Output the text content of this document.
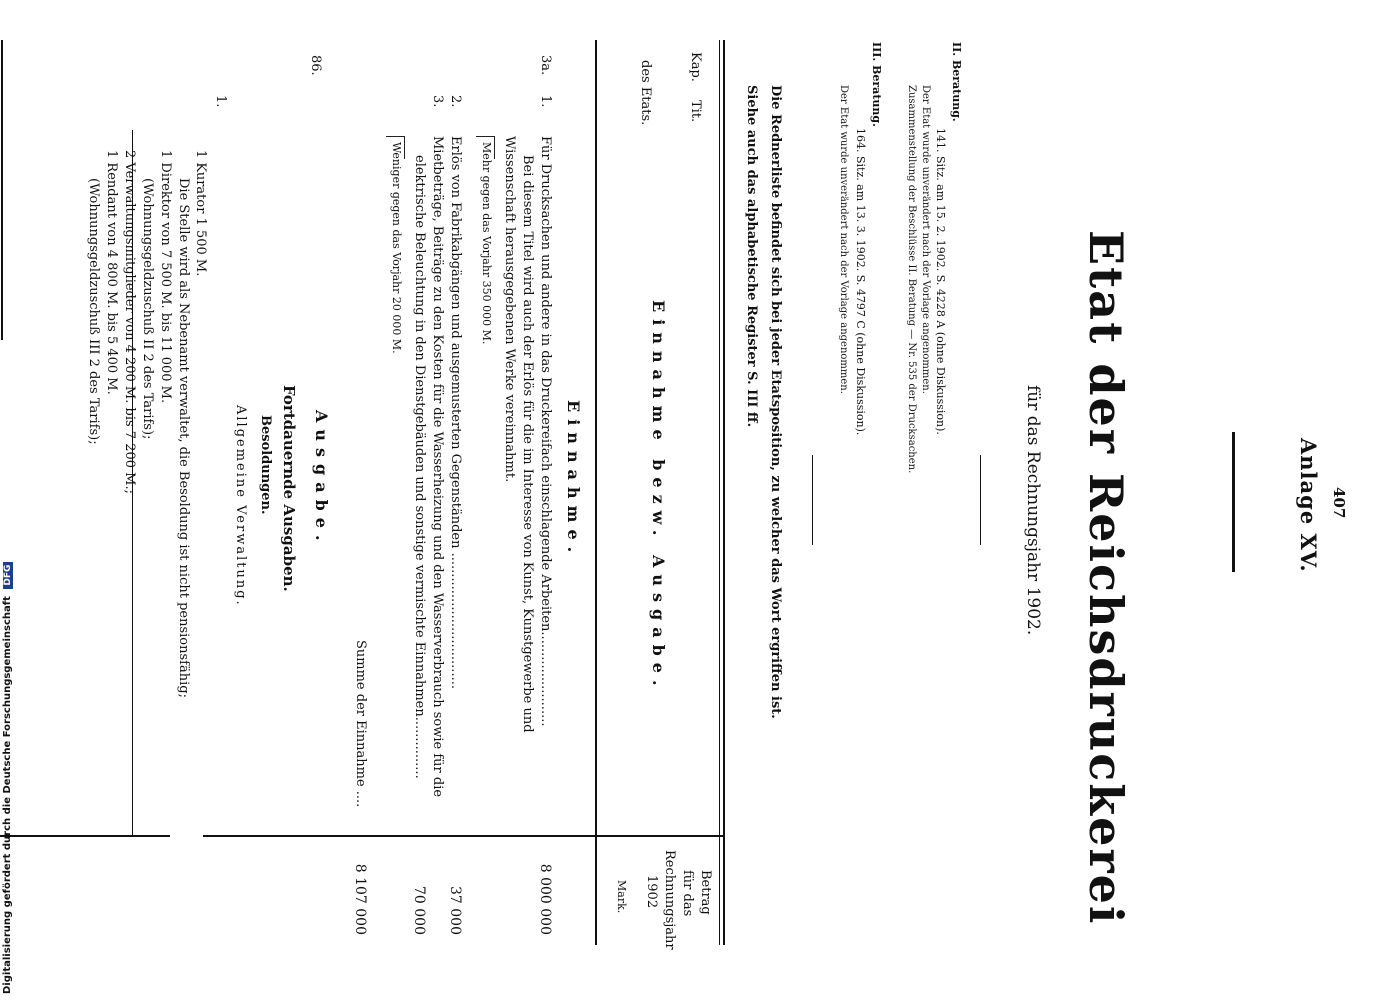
407
Anlage XV.
Etat der Reichsdruckerei
für das Rechnungsjahr 1902.
II. Beratung.
141. Sitz. am 15. 2. 1902. S. 4228 A (ohne Diskussion).
Der Etat wurde unverändert nach der Vorlage angenommen.
Zusammenstellung der Beschlüsse II. Beratung — Nr. 535 der Drucksachen.
III. Beratung.
164. Sitz. am 13. 3. 1902. S. 4797 C (ohne Diskussion).
Der Etat wurde unverändert nach der Vorlage angenommen.
Die Rednerliste befindet sich bei jeder Etatsposition, zu welcher das Wort ergriffen ist.
Siehe auch das alphabetische Register S. III ff.
Kap.
Tit.
des Etats.
Einnahme bezw. Ausgabe.
Betrag
für das
Rechnungsjahr
1902
Mark.
Einnahme.
3a.
1.
Für Drucksachen und andere in das Druckereifach einschlagende Arbeiten.......................
Bei diesem Titel wird auch der Erlös für die im Interesse von Kunst, Kunstgewerbe und
Wissenschaft herausgegebenen Werke vereinnahmt.
Mehr gegen das Vorjahr 350 000 M.
8 000 000
2.
Erlös von Fabrikabgängen und ausgemusterten Gegenständen .................................
37 000
3.
Mietbeträge, Beiträge zu den Kosten für die Wasserheizung und den Wasserverbrauch sowie für die
elektrische Beleuchtung in den Dienstgebäuden und sonstige vermischte Einnahmen...............
Weniger gegen das Vorjahr 20 000 M.
70 000
Summe der Einnahme ....
8 107 000
Ausgabe.
Fortdauernde Ausgaben.
Besoldungen.
Allgemeine Verwaltung.
86.
1.
1 Kurator 1 500 M.
Die Stelle wird als Nebenamt verwaltet, die Besoldung ist nicht pensionsfähig;
1 Direktor von 7 500 M. bis 11 000 M.
(Wohnungsgeldzuschuß II 2 des Tarifs);
2 Verwaltungsmitglieder von 4 200 M. bis 7 200 M.;
1 Rendant von 4 800 M. bis 5 400 M.
(Wohnungsgeldzuschuß III 2 des Tarifs);
Digitalisierung gefördert durch die Deutsche Forschungsgemeinschaft DFG
